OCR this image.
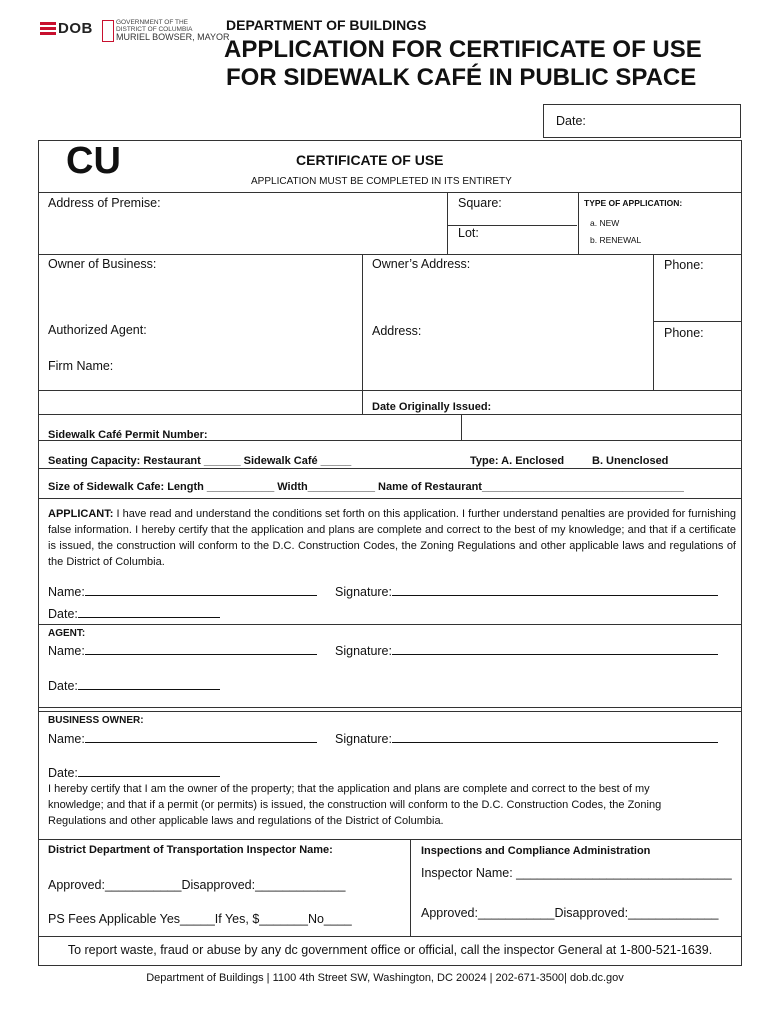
DOB	GOVERNMENT OF THE
DISTRICT OF COLUMBIA
MURIEL BOWSER, MAYOR
DEPARTMENT OF BUILDINGS
APPLICATION FOR CERTIFICATE OF USE
FOR SIDEWALK CAFÉ IN PUBLIC SPACE
Date:
CU	CERTIFICATE OF USE
APPLICATION MUST BE COMPLETED IN ITS ENTIRETY
Address of Premise:	Square:
Lot:
TYPE OF APPLICATION:
a. NEW
b. RENEWAL
Owner of Business:	Owner’s Address:	Phone:
Authorized Agent:	Address:	Phone:
Firm Name:
Date Originally Issued:
Sidewalk Café Permit Number:
Seating Capacity: Restaurant ______ Sidewalk Café _____	Type: A. Enclosed	B. Unenclosed
Size of Sidewalk Cafe: Length ___________ Width___________ Name of Restaurant_________________________________
APPLICANT: I have read and understand the conditions set forth on this application. I further understand penalties are provided for furnishing false information. I hereby certify that the application and plans are complete and correct to the best of my knowledge; and that if a certificate is issued, the construction will conform to the D.C. Construction Codes, the Zoning Regulations and other applicable laws and regulations of the District of Columbia.
Name:	Signature:
Date:
AGENT:
Name:	Signature:
Date:
BUSINESS OWNER:
Name:	Signature:
Date:
I hereby certify that I am the owner of the property; that the application and plans are complete and correct to the best of my knowledge; and that if a permit (or permits) is issued, the construction will conform to the D.C. Construction Codes, the Zoning Regulations and other applicable laws and regulations of the District of Columbia.
District Department of Transportation Inspector Name:	Inspections and Compliance Administration
Inspector Name: _______________________________
Approved:___________Disapproved:_____________
Approved:___________Disapproved:_____________
PS Fees Applicable Yes_____If Yes, $_______No____
To report waste, fraud or abuse by any dc government office or official, call the inspector General at 1-800-521-1639.
Department of Buildings | 1100 4th Street SW, Washington, DC 20024 | 202-671-3500| dob.dc.gov
